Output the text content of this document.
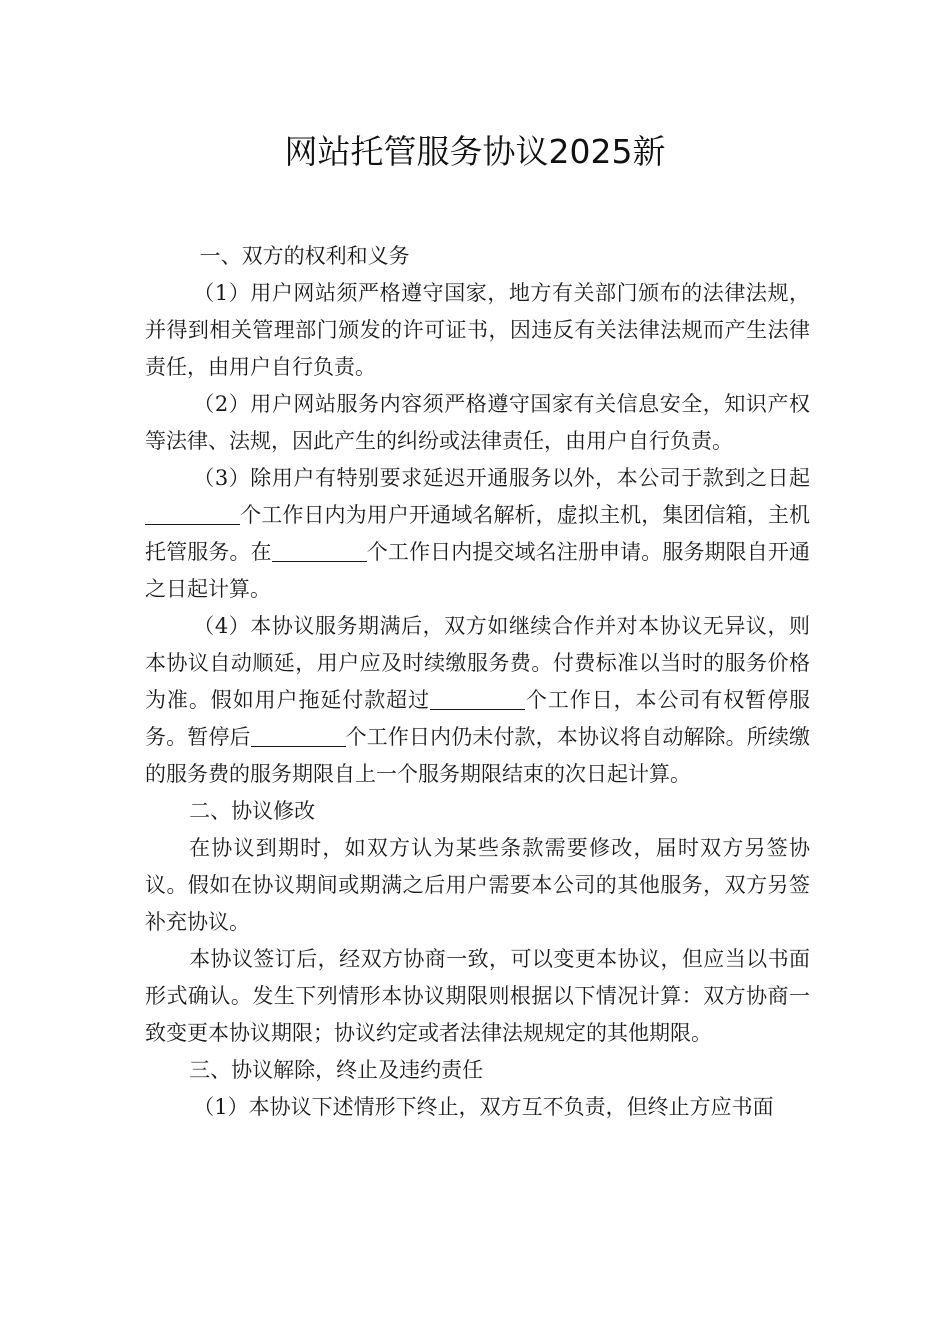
网站托管服务协议2025新

一、双方的权利和义务

（1）用户网站须严格遵守国家，地方有关部门颁布的法律法规，并得到相关管理部门颁发的许可证书，因违反有关法律法规而产生法律责任，由用户自行负责。

（2）用户网站服务内容须严格遵守国家有关信息安全，知识产权等法律、法规，因此产生的纠纷或法律责任，由用户自行负责。

（3）除用户有特别要求延迟开通服务以外，本公司于款到之日起个工作日内为用户开通域名解析，虚拟主机，集团信箱，主机托管服务。在	个工作日内提交域名注册申请。服务期限自开通之日起计算。

（4）本协议服务期满后，双方如继续合作并对本协议无异议，则本协议自动顺延，用户应及时续缴服务费。付费标准以当时的服务价格为准。假如用户拖延付款超过	个工作日，本公司有权暂停服务。暂停后	个工作日内仍未付款，本协议将自动解除。所续缴的服务费的服务期限自上一个服务期限结束的次日起计算。

二、协议修改

在协议到期时，如双方认为某些条款需要修改，届时双方另签协议。假如在协议期间或期满之后用户需要本公司的其他服务，双方另签补充协议。

本协议签订后，经双方协商一致，可以变更本协议，但应当以书面形式确认。发生下列情形本协议期限则根据以下情况计算：双方协商一致变更本协议期限；协议约定或者法律法规规定的其他期限。

三、协议解除，终止及违约责任

（1）本协议下述情形下终止，双方互不负责，但终止方应书面
